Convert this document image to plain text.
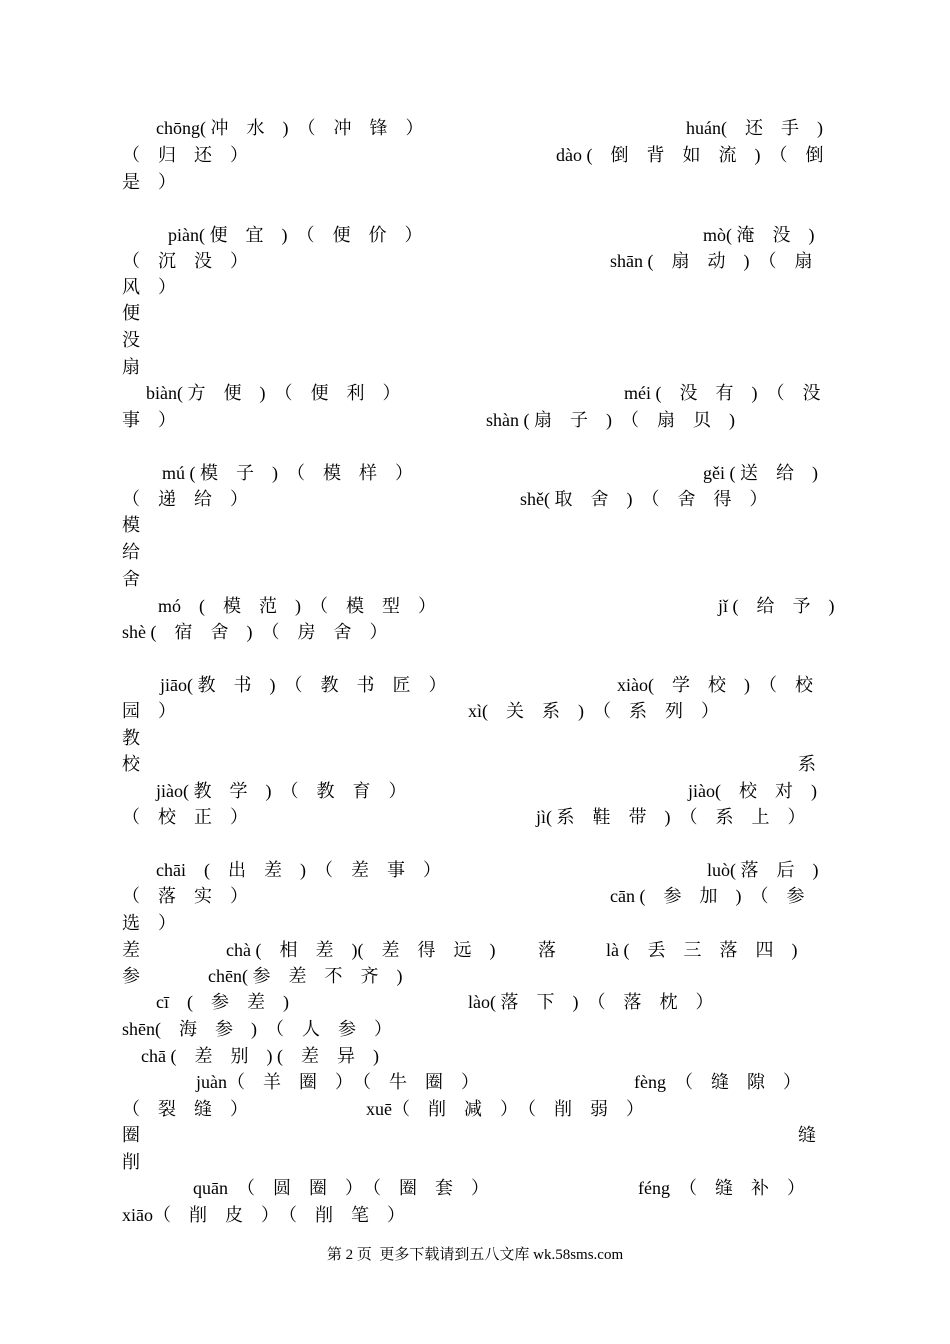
chōng( 冲　水　)　（　冲　锋　）	huán(　还　手　)
（　归　还　）	dào (　倒　背　如　流　)　（　倒
是　）
piàn( 便　宜　)　（　便　价　）	mò( 淹　没　)
（　沉　没　）	shān (　扇　动　)　（　扇
风　）
便
没
扇
biàn( 方　便　)　（　便　利　）	méi (　没　有　)　（　没
事　）	shàn ( 扇　子　)　（　扇　贝　)
mú ( 模　子　)　（　模　样　）	gěi ( 送　给　)
（　递　给　）	shě( 取　舍　)　（　舍　得　）
模
给
舍
mó　(　模　范　)　（　模　型　）	jǐ (　给　予　)
shè (　宿　舍　)　（　房　舍　）
jiāo( 教　书　)　（　教　书　匠　）	xiào(　学　校　)　（　校
园　）	xì(　关　系　)　（　系　列　）
教
校	系
jiào( 教　学　)　（　教　育　）	jiào(　校　对　)
（　校　正　）	jì( 系　鞋　带　)　（　系　上　）
chāi　(　出　差　)　（　差　事　）	luò( 落　后　)
（　落　实　）	cān (　参　加　)　（　参
选　）
差	chà (　相　差　)(　差　得　远　) 落	là (　丢　三　落　四　)
参	chēn( 参　差　不　齐　)
cī　(　参　差　)	lào( 落　下　)　（　落　枕　）
shēn(　海　参　)　（　人　参　）
chā (　差　别　) (　差　异　)
juàn（　羊　圈　）　（　牛　圈　）	fèng　（　缝　隙　）
（　裂　缝　）	xuē（　削　减　）　（　削　弱　）
圈	缝
削
quān　（　圆　圈　）　（　圈　套　）	féng　（　缝　补　）
xiāo（　削　皮　）　（　削　笔　）
第 2 页  更多下载请到五八文库 wk.58sms.com
